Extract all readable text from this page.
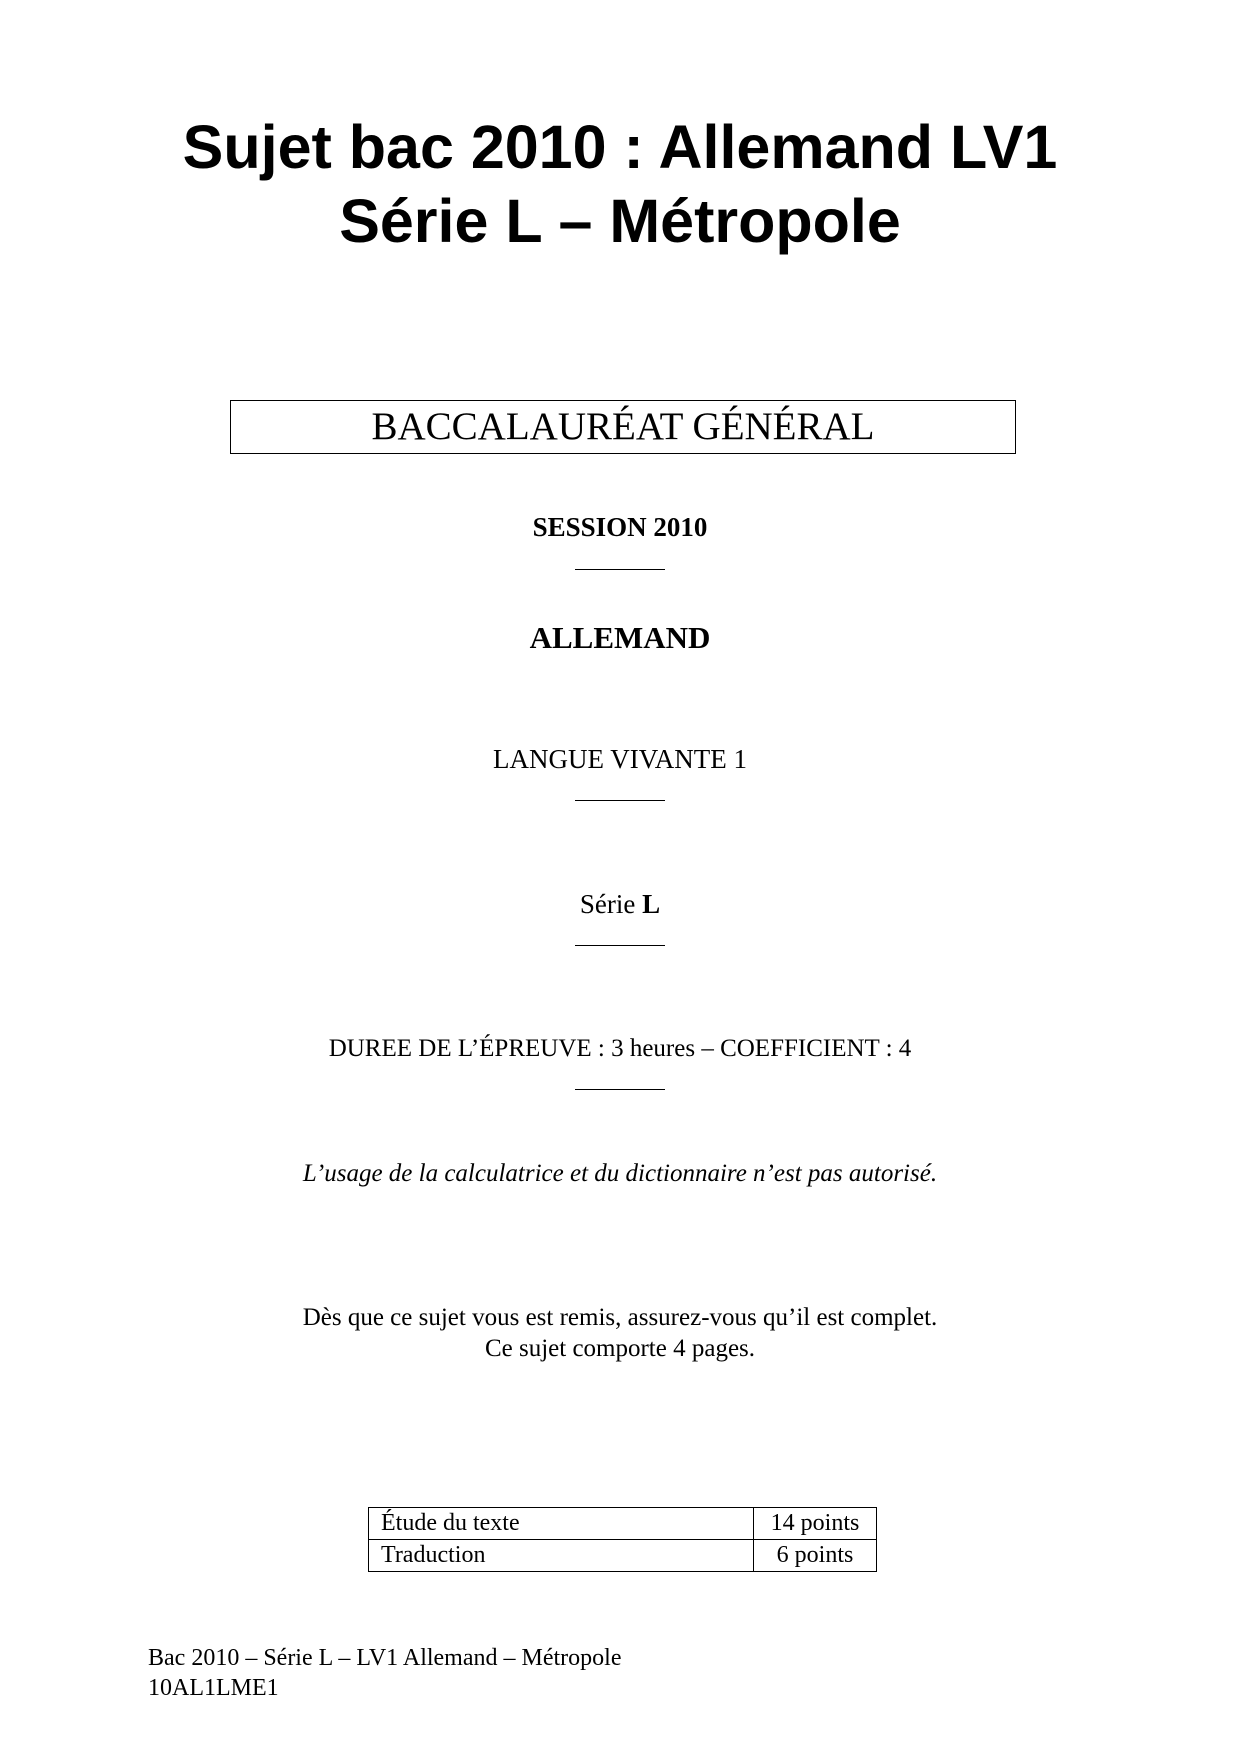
Sujet bac 2010 : Allemand LV1
Série L – Métropole
BACCALAURÉAT GÉNÉRAL
SESSION 2010
ALLEMAND
LANGUE VIVANTE 1
Série L
DUREE DE L’ÉPREUVE : 3 heures – COEFFICIENT : 4
L’usage de la calculatrice et du dictionnaire n’est pas autorisé.
Dès que ce sujet vous est remis, assurez-vous qu’il est complet.
Ce sujet comporte 4 pages.
Étude du texte	14 points
Traduction	6 points
Bac 2010 – Série L – LV1 Allemand – Métropole
10AL1LME1
